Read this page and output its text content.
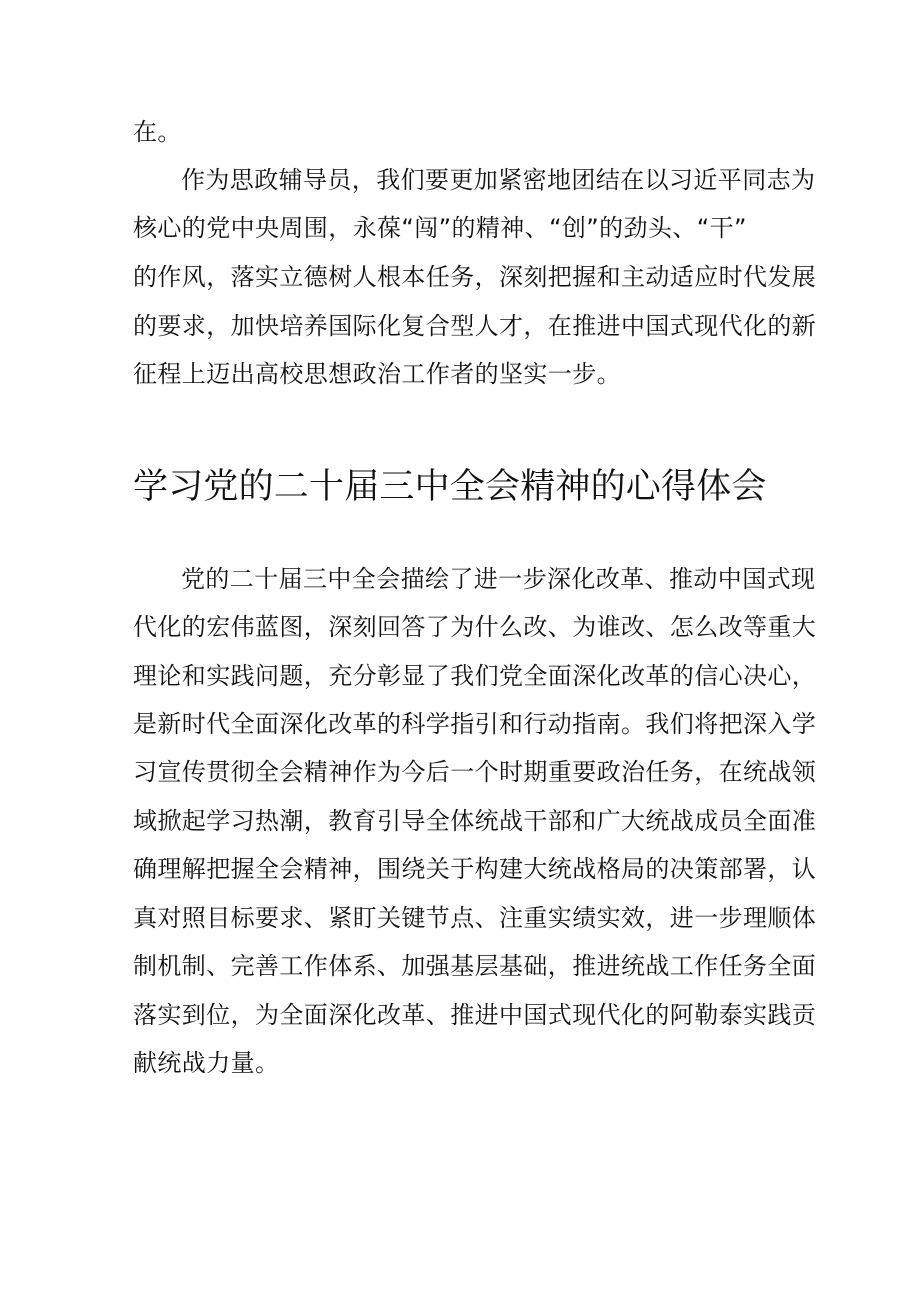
在。
作为思政辅导员，我们要更加紧密地团结在以习近平同志为
核心的党中央周围，永葆“闯”的精神、“创”的劲头、“干”
的作风，落实立德树人根本任务，深刻把握和主动适应时代发展
的要求，加快培养国际化复合型人才，在推进中国式现代化的新
征程上迈出高校思想政治工作者的坚实一步。
学习党的二十届三中全会精神的心得体会
党的二十届三中全会描绘了进一步深化改革、推动中国式现
代化的宏伟蓝图，深刻回答了为什么改、为谁改、怎么改等重大
理论和实践问题，充分彰显了我们党全面深化改革的信心决心，
是新时代全面深化改革的科学指引和行动指南。我们将把深入学
习宣传贯彻全会精神作为今后一个时期重要政治任务，在统战领
域掀起学习热潮，教育引导全体统战干部和广大统战成员全面准
确理解把握全会精神，围绕关于构建大统战格局的决策部署，认
真对照目标要求、紧盯关键节点、注重实绩实效，进一步理顺体
制机制、完善工作体系、加强基层基础，推进统战工作任务全面
落实到位，为全面深化改革、推进中国式现代化的阿勒泰实践贡
献统战力量。
